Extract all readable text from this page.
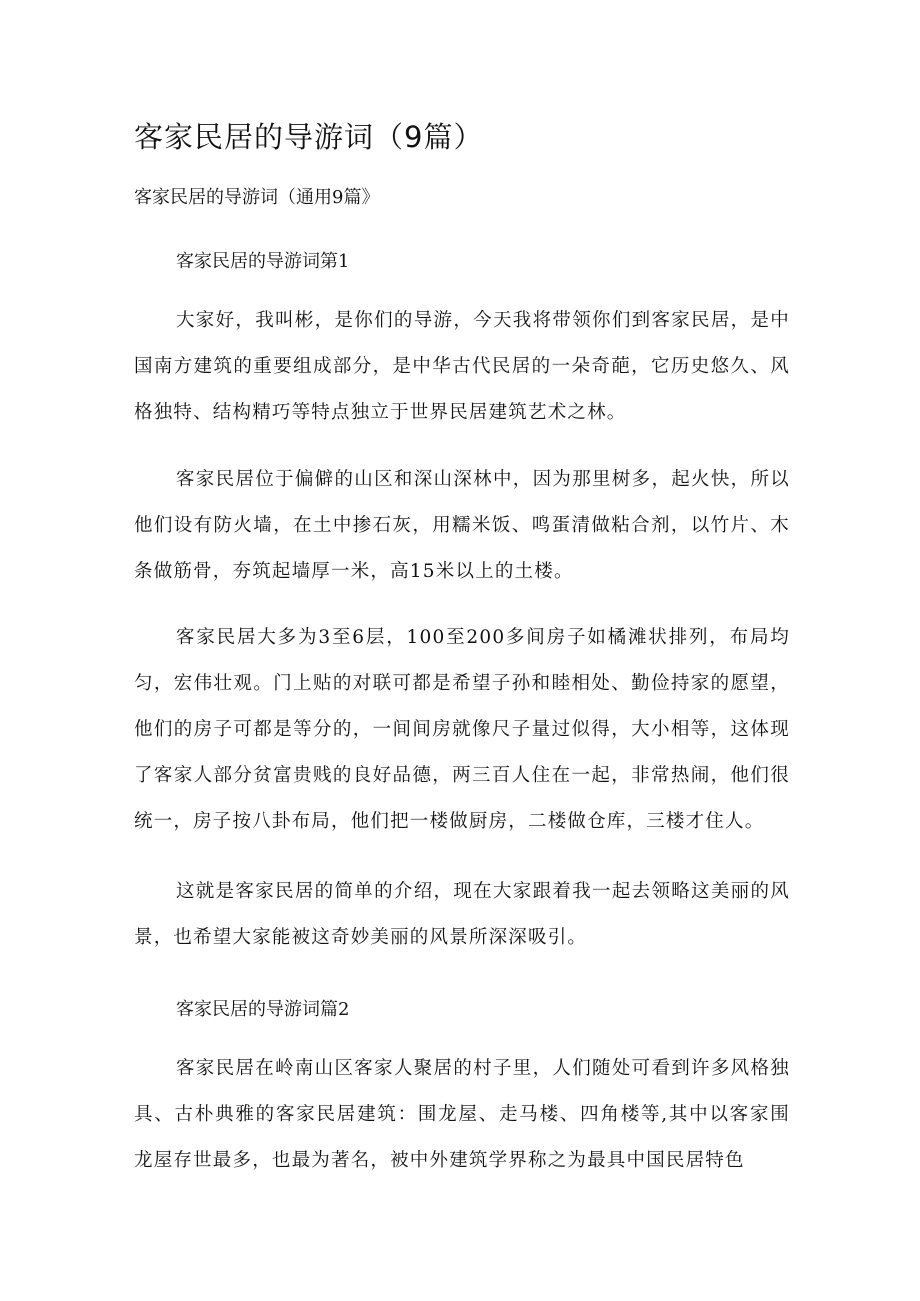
客家民居的导游词（9篇）
客家民居的导游词（通用9篇》
客家民居的导游词第1

大家好，我叫彬，是你们的导游，今天我将带领你们到客家民居，是中国南方建筑的重要组成部分，是中华古代民居的一朵奇葩，它历史悠久、风格独特、结构精巧等特点独立于世界民居建筑艺术之林。

客家民居位于偏僻的山区和深山深林中，因为那里树多，起火快，所以他们设有防火墙，在土中掺石灰，用糯米饭、鸣蛋清做粘合剂，以竹片、木条做筋骨，夯筑起墙厚一米，高15米以上的土楼。

客家民居大多为3至6层，100至200多间房子如橘滩状排列，布局均匀，宏伟壮观。门上贴的对联可都是希望子孙和睦相处、勤俭持家的愿望，他们的房子可都是等分的，一间间房就像尺子量过似得，大小相等，这体现了客家人部分贫富贵贱的良好品德，两三百人住在一起，非常热闹，他们很统一，房子按八卦布局，他们把一楼做厨房，二楼做仓库，三楼才住人。

这就是客家民居的简单的介绍，现在大家跟着我一起去领略这美丽的风景，也希望大家能被这奇妙美丽的风景所深深吸引。

客家民居的导游词篇2

客家民居在岭南山区客家人聚居的村子里，人们随处可看到许多风格独具、古朴典雅的客家民居建筑：围龙屋、走马楼、四角楼等,其中以客家围龙屋存世最多，也最为著名，被中外建筑学界称之为最具中国民居特色
